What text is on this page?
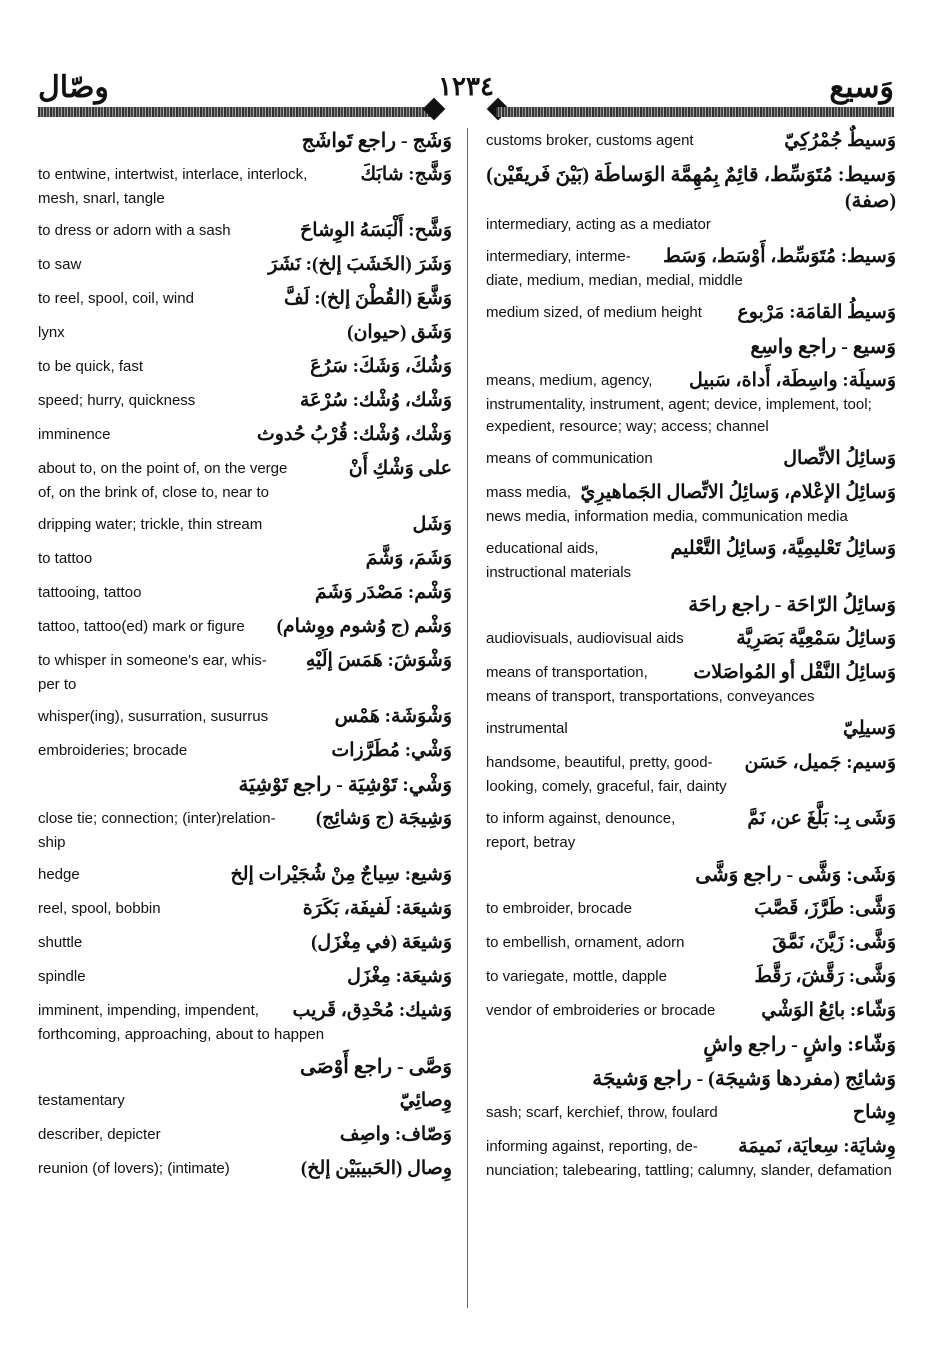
وصّال	١٢٣٤	وَسيع
وَشَج - راجع تَواشَج
وَشَّج: شابَكَ
to entwine, intertwist, interlace, interlock,
mesh, snarl, tangle
وَشَّح: أَلْبَسَهُ الوِشاحَ
to dress or adorn with a sash
وَشَرَ (الخَشَبَ إلخ): نَشَرَ
to saw
وَشَّعَ (القُطْنَ إلخ): لَفَّ
to reel, spool, coil, wind
وَشَق (حيوان)
lynx
وَشُكَ، وَشَكَ: سَرُعَ
to be quick, fast
وَشْك، وُشْك: سُرْعَة
speed; hurry, quickness
وَشْك، وُشْك: قُرْبُ حُدوث
imminence
على وَشْكِ أَنْ
about to, on the point of, on the verge
of, on the brink of, close to, near to
وَشَل
dripping water; trickle, thin stream
وَشَمَ، وَشَّمَ
to tattoo
وَشْم: مَصْدَر وَشَمَ
tattooing, tattoo
وَشْم (ج وُشوم ووِشام)
tattoo, tattoo(ed) mark or figure
وَشْوَشَ: هَمَسَ إلَيْهِ
to whisper in someone's ear, whis-
per to
وَشْوَشَة: هَمْس
whisper(ing), susurration, susurrus
وَشْي: مُطَرَّزات
embroideries; brocade
وَشْي: تَوْشِيَة - راجع تَوْشِيَة
وَشِيجَة (ج وَشائِج)
close tie; connection; (inter)relation-
ship
وَشيع: سِياجٌ مِنْ شُجَيْرات إلخ
hedge
وَشيعَة: لَفيفَة، بَكَرَة
reel, spool, bobbin
وَشيعَة (في مِغْزَل)
shuttle
وَشيعَة: مِغْزَل
spindle
وَشيك: مُحْدِق، قَريب
imminent, impending, impendent,
forthcoming, approaching, about to happen
وَصَّى - راجع أَوْصَى
وِصائِيّ
testamentary
وَصّاف: واصِف
describer, depicter
وِصال (الحَبيبَيْن إلخ)
reunion (of lovers); (intimate)
وَسيطٌ جُمْرُكِيّ
customs broker, customs agent
وَسيط: مُتَوَسِّط، قائِمٌ بِمُهِمَّة الوَساطَة (بَيْنَ فَريقَيْن) (صفة)
intermediary, acting as a mediator
وَسيط: مُتَوَسِّط، أَوْسَط، وَسَط
intermediary, interme-
diate, medium, median, medial, middle
وَسيطُ القامَة: مَرْبوع
medium sized, of medium height
وَسيع - راجع واسِع
وَسيلَة: واسِطَة، أَداة، سَبيل
means, medium, agency,
instrumentality, instrument, agent; device, implement, tool; expedient, resource; way; access; channel
وَسائِلُ الاتِّصال
means of communication
وَسائِلُ الإعْلام، وَسائِلُ الاتِّصال الجَماهيرِيّ
mass media,
news media, information media, communication media
وَسائِلُ تَعْليمِيَّة، وَسائِلُ التَّعْليم
educational aids,
instructional materials
وَسائِلُ الرّاحَة - راجع راحَة
وَسائِلُ سَمْعِيَّة بَصَرِيَّة
audiovisuals, audiovisual aids
وَسائِلُ النَّقْل أو المُواصَلات
means of transportation,
means of transport, transportations, conveyances
وَسيلِيّ
instrumental
وَسيم: جَميل، حَسَن
handsome, beautiful, pretty, good-
looking, comely, graceful, fair, dainty
وَشَى بِـ: بَلَّغَ عن، نَمَّ
to inform against, denounce,
report, betray
وَشَى: وَشَّى - راجع وَشَّى
وَشَّى: طَرَّزَ، قَصَّبَ
to embroider, brocade
وَشَّى: زَيَّنَ، نَمَّقَ
to embellish, ornament, adorn
وَشَّى: رَقَّشَ، رَقَّطَ
to variegate, mottle, dapple
وَشّاء: بائِعُ الوَشْي
vendor of embroideries or brocade
وَشّاء: واشٍ - راجع واشٍ
وَشائِج (مفردها وَشيجَة) - راجع وَشيجَة
وِشاح
sash; scarf, kerchief, throw, foulard
وِشايَة: سِعايَة، نَميمَة
informing against, reporting, de-
nunciation; talebearing, tattling; calumny, slander, defamation
